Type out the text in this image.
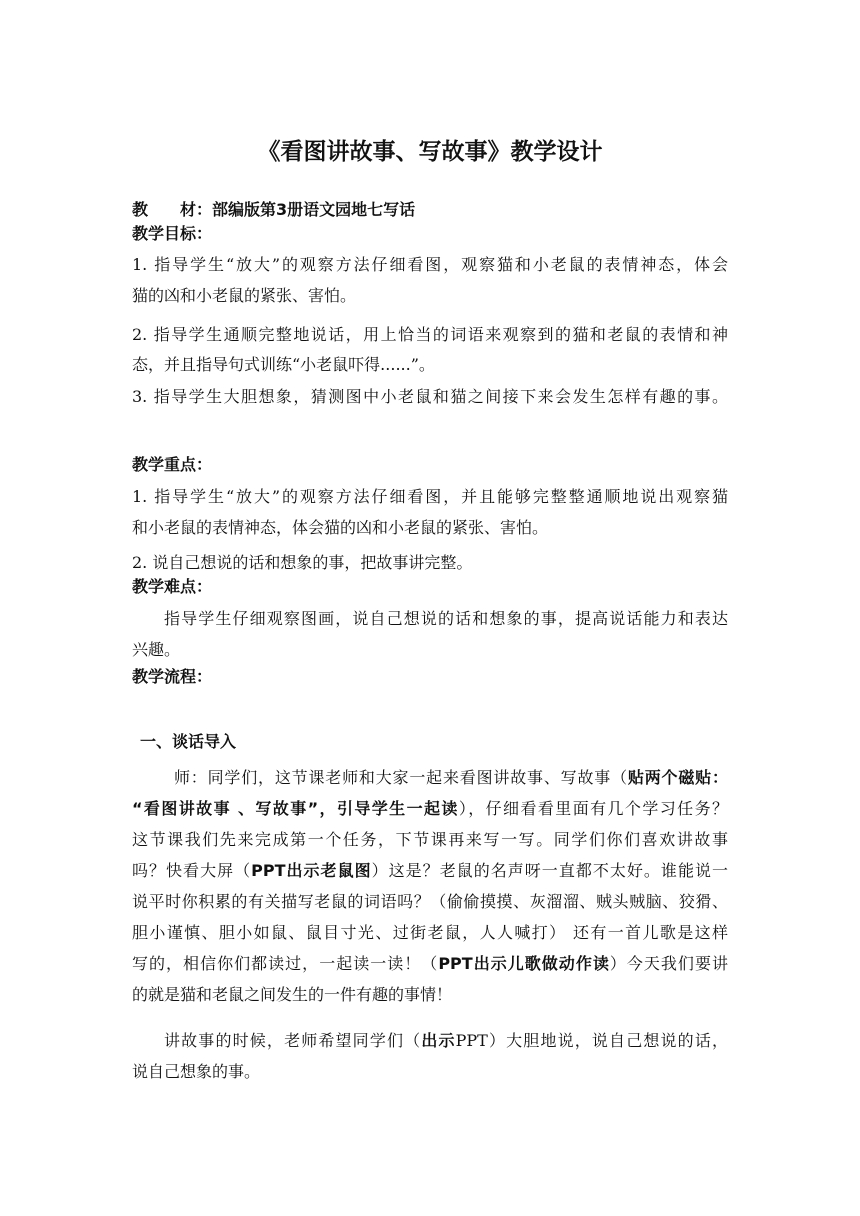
《看图讲故事、写故事》教学设计
教　　材：部编版第3册语文园地七写话
教学目标：
1. 指导学生“放大”的观察方法仔细看图，观察猫和小老鼠的表情神态，体会
猫的凶和小老鼠的紧张、害怕。
2. 指导学生通顺完整地说话，用上恰当的词语来观察到的猫和老鼠的表情和神
态，并且指导句式训练“小老鼠吓得......”。
3. 指导学生大胆想象，猜测图中小老鼠和猫之间接下来会发生怎样有趣的事。
教学重点：
1. 指导学生“放大”的观察方法仔细看图，并且能够完整整通顺地说出观察猫
和小老鼠的表情神态，体会猫的凶和小老鼠的紧张、害怕。
2. 说自己想说的话和想象的事，把故事讲完整。
教学难点：
指导学生仔细观察图画，说自己想说的话和想象的事，提高说话能力和表达
兴趣。
教学流程：
一、谈话导入
师：同学们，这节课老师和大家一起来看图讲故事、写故事（贴两个磁贴：
“看图讲故事 、写故事”，引导学生一起读），仔细看看里面有几个学习任务？
这节课我们先来完成第一个任务，下节课再来写一写。同学们你们喜欢讲故事
吗？快看大屏（PPT出示老鼠图）这是？老鼠的名声呀一直都不太好。谁能说一
说平时你积累的有关描写老鼠的词语吗？（偷偷摸摸、灰溜溜、贼头贼脑、狡猾、
胆小谨慎、胆小如鼠、鼠目寸光、过街老鼠，人人喊打） 还有一首儿歌是这样
写的，相信你们都读过，一起读一读！（PPT出示儿歌做动作读）今天我们要讲
的就是猫和老鼠之间发生的一件有趣的事情！
讲故事的时候，老师希望同学们（出示PPT）大胆地说，说自己想说的话，
说自己想象的事。
